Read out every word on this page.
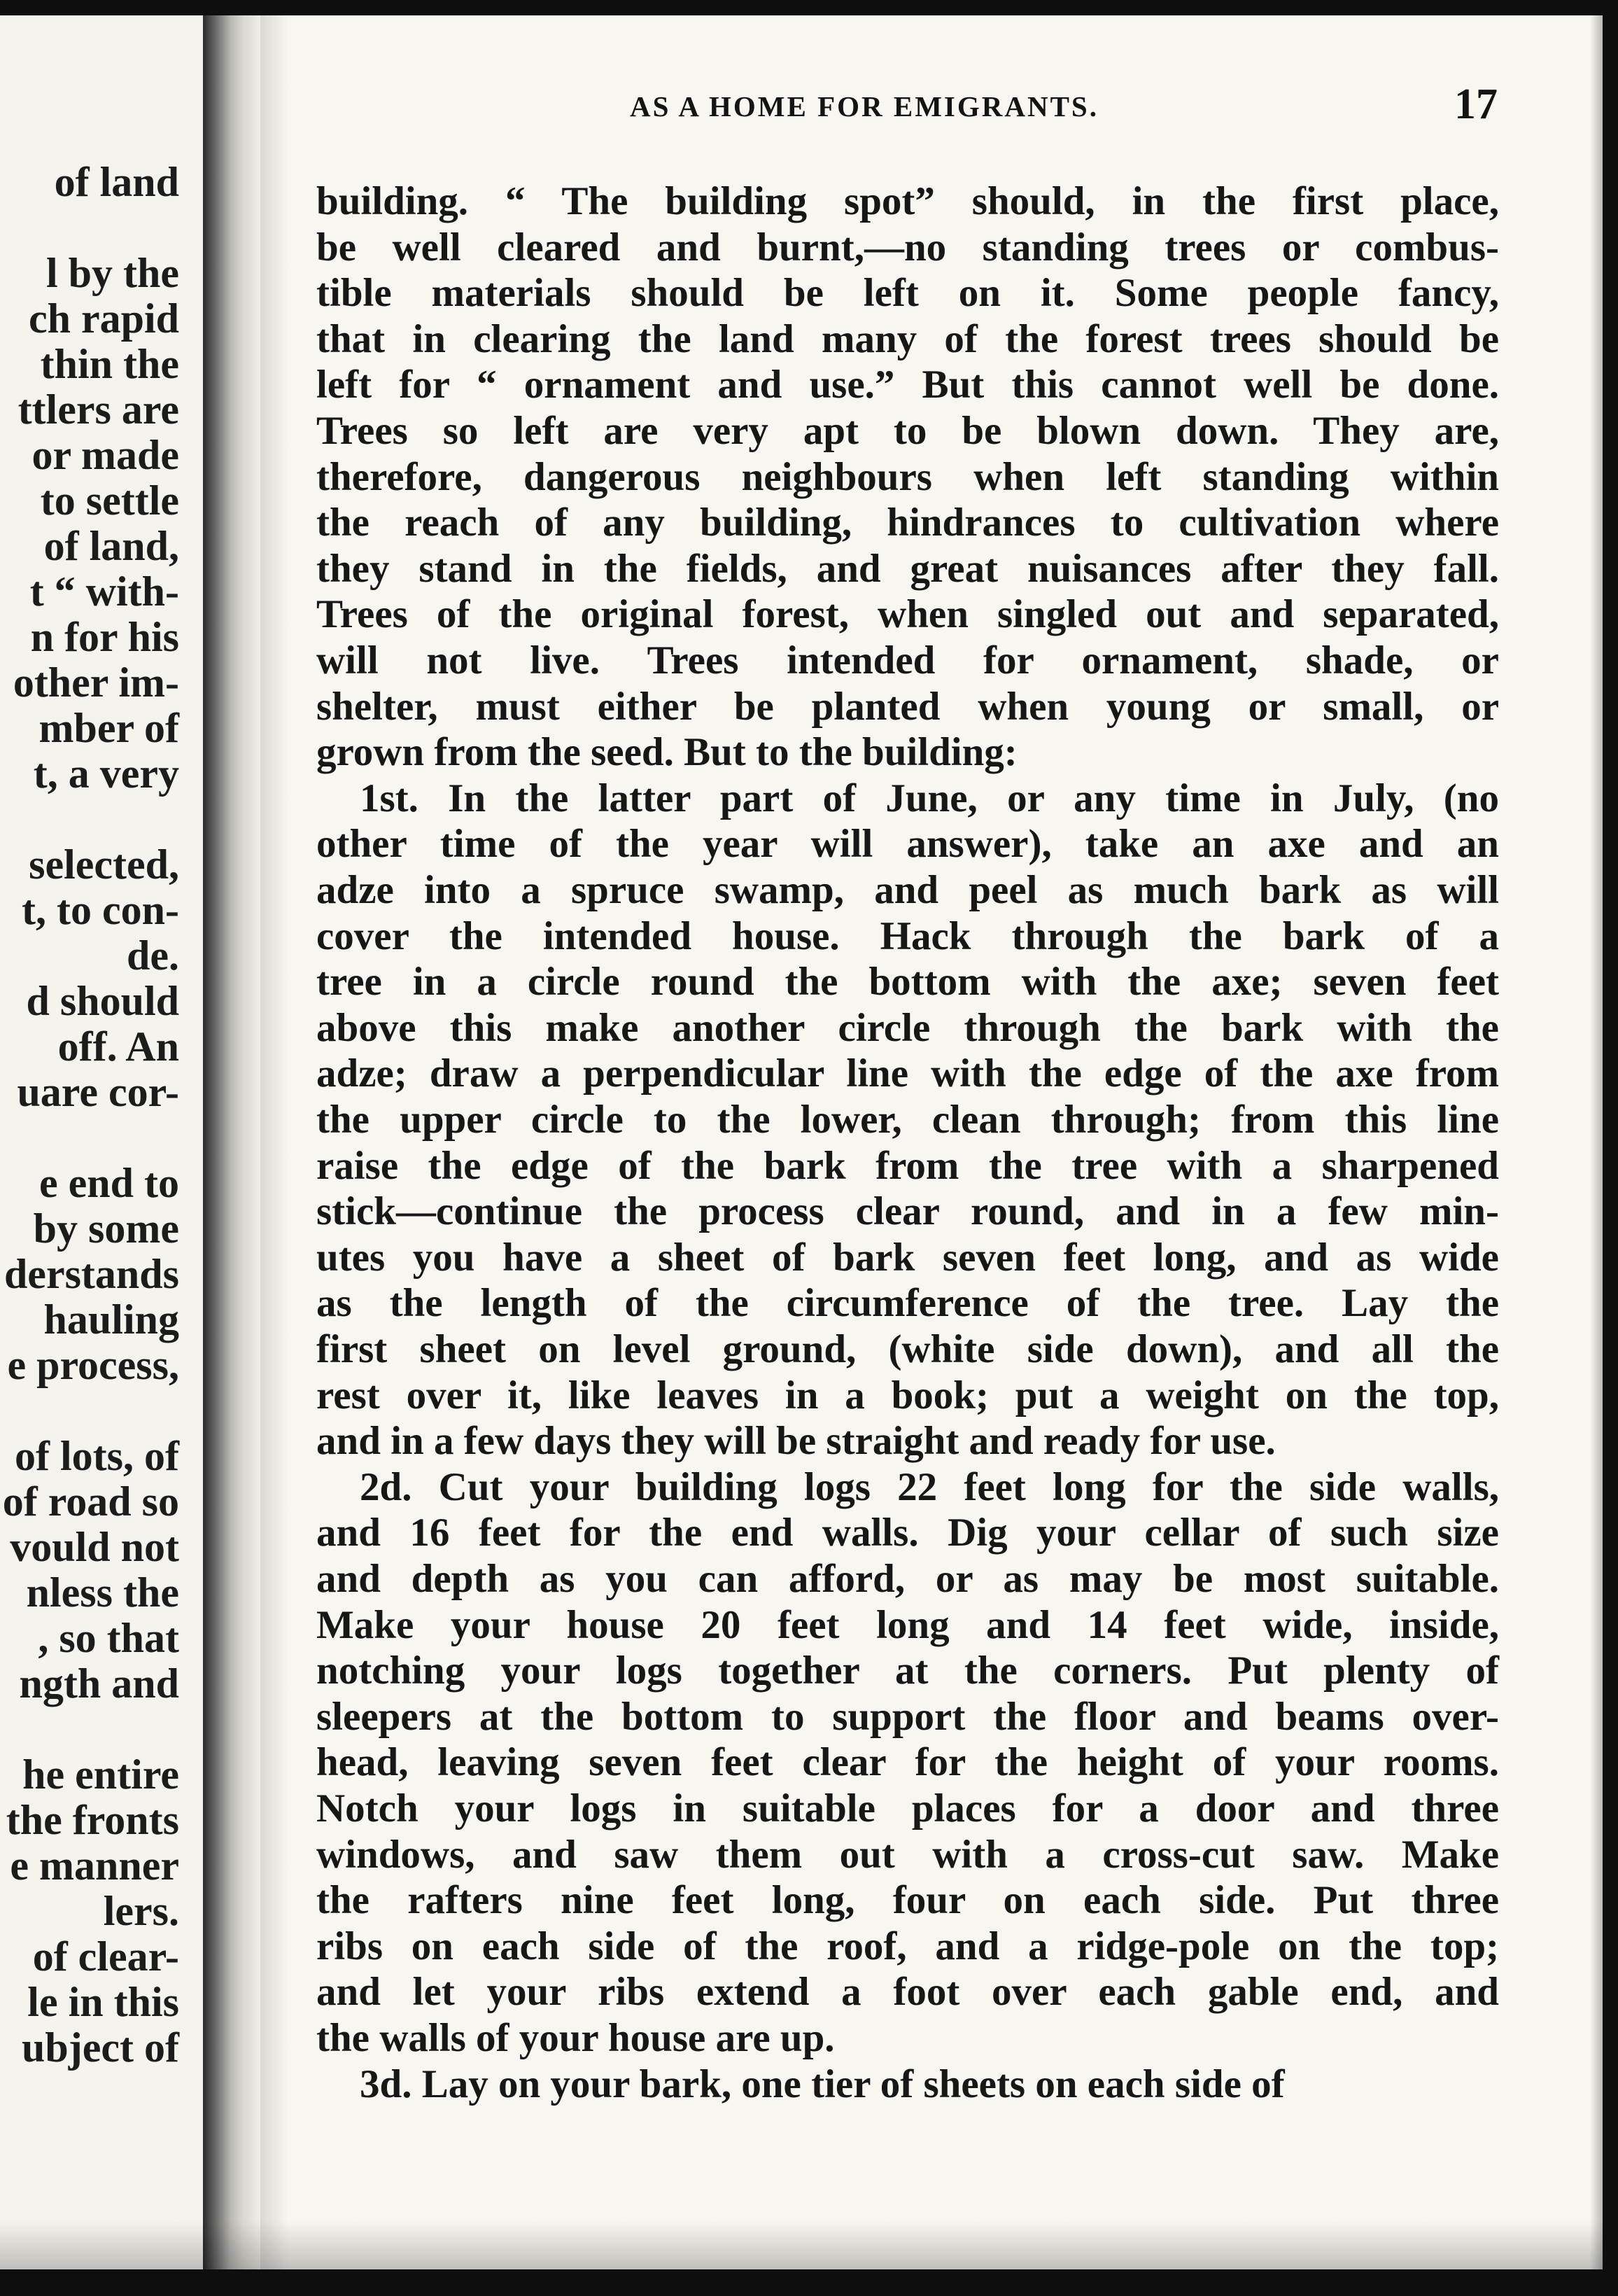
of land
l by the
ch rapid
thin the
ttlers are
or made
to settle
of land,
t “ with-
n for his
other im-
mber of
t, a very
selected,
t, to con-
de.
d should
off. An
uare cor-
e end to
by some
derstands
hauling
e process,
of lots, of
of road so
vould not
nless the
, so that
ngth and
he entire
the fronts
e manner
lers.
of clear-
le in this
ubject of
AS A HOME FOR EMIGRANTS.	17
building. “ The building spot” should, in the first place,
be well cleared and burnt,—no standing trees or combus-
tible materials should be left on it. Some people fancy,
that in clearing the land many of the forest trees should be
left for “ ornament and use.” But this cannot well be done.
Trees so left are very apt to be blown down. They are,
therefore, dangerous neighbours when left standing within
the reach of any building, hindrances to cultivation where
they stand in the fields, and great nuisances after they fall.
Trees of the original forest, when singled out and separated,
will not live. Trees intended for ornament, shade, or
shelter, must either be planted when young or small, or
grown from the seed. But to the building:
1st. In the latter part of June, or any time in July, (no
other time of the year will answer), take an axe and an
adze into a spruce swamp, and peel as much bark as will
cover the intended house. Hack through the bark of a
tree in a circle round the bottom with the axe; seven feet
above this make another circle through the bark with the
adze; draw a perpendicular line with the edge of the axe from
the upper circle to the lower, clean through; from this line
raise the edge of the bark from the tree with a sharpened
stick—continue the process clear round, and in a few min-
utes you have a sheet of bark seven feet long, and as wide
as the length of the circumference of the tree. Lay the
first sheet on level ground, (white side down), and all the
rest over it, like leaves in a book; put a weight on the top,
and in a few days they will be straight and ready for use.
2d. Cut your building logs 22 feet long for the side walls,
and 16 feet for the end walls. Dig your cellar of such size
and depth as you can afford, or as may be most suitable.
Make your house 20 feet long and 14 feet wide, inside,
notching your logs together at the corners. Put plenty of
sleepers at the bottom to support the floor and beams over-
head, leaving seven feet clear for the height of your rooms.
Notch your logs in suitable places for a door and three
windows, and saw them out with a cross-cut saw. Make
the rafters nine feet long, four on each side. Put three
ribs on each side of the roof, and a ridge-pole on the top;
and let your ribs extend a foot over each gable end, and
the walls of your house are up.
3d. Lay on your bark, one tier of sheets on each side of
